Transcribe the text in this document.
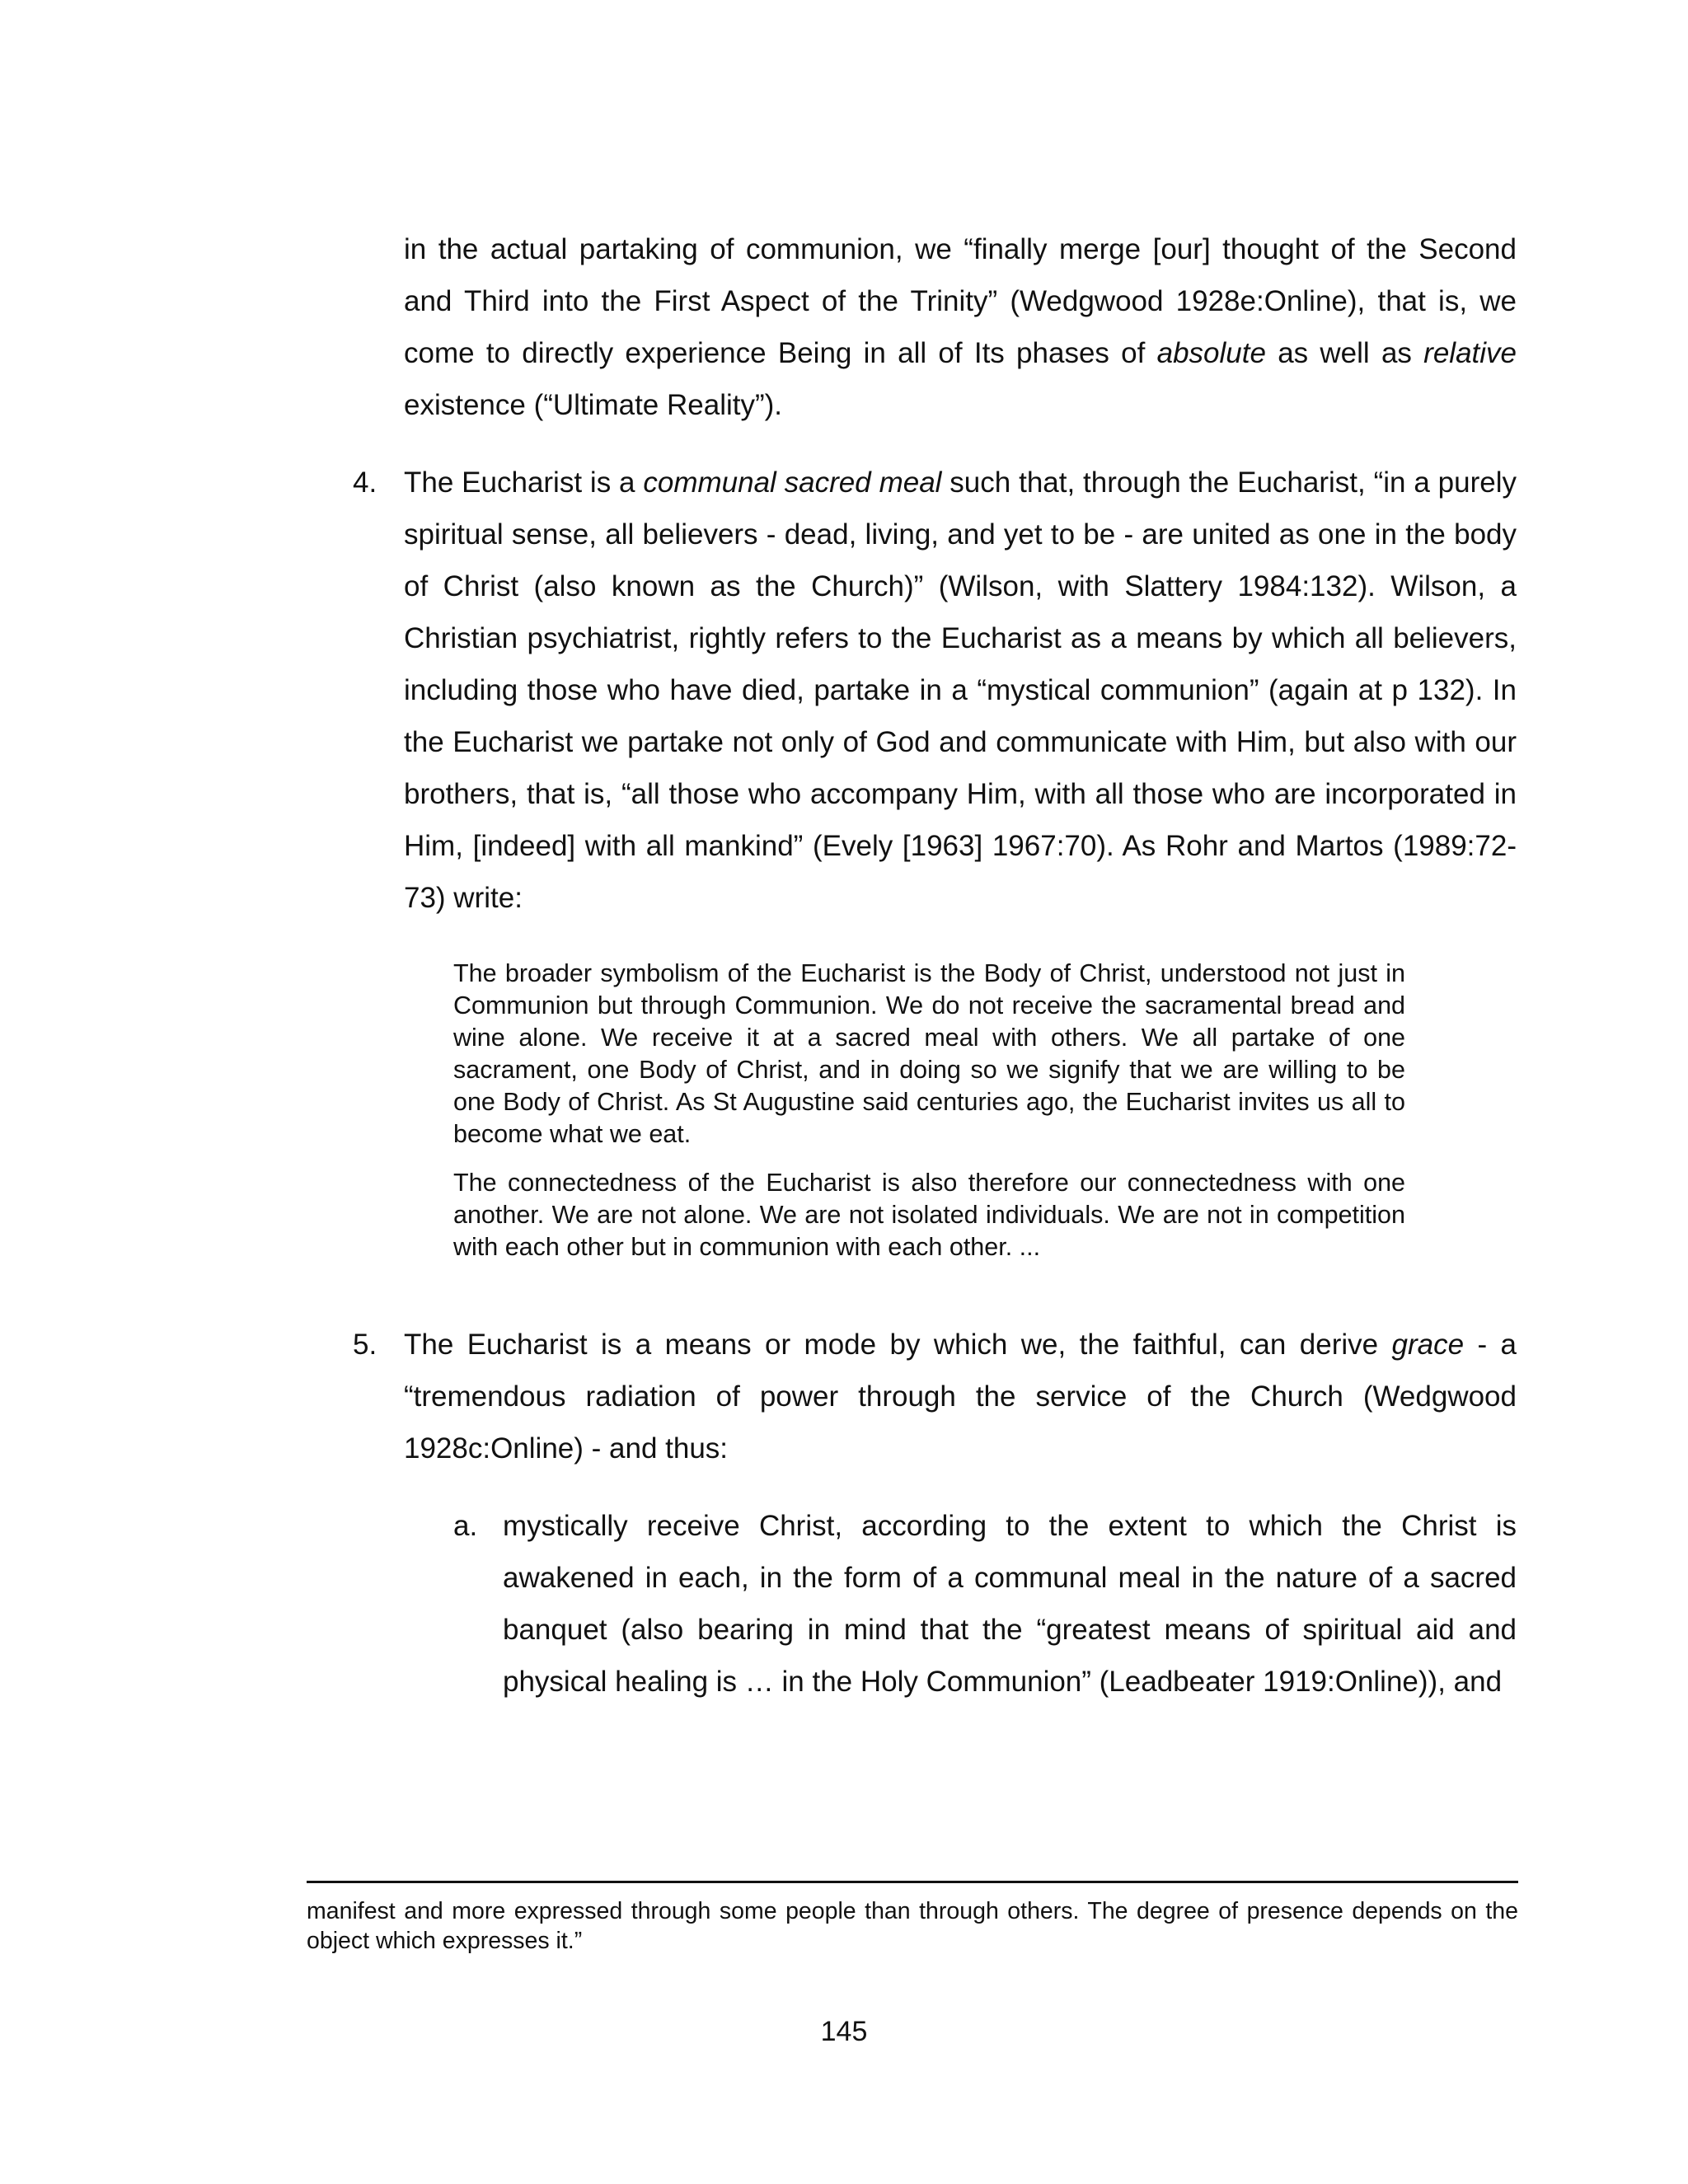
in the actual partaking of communion, we “finally merge [our] thought of the Second and Third into the First Aspect of the Trinity” (Wedgwood 1928e:Online), that is, we come to directly experience Being in all of Its phases of absolute as well as relative existence (“Ultimate Reality”).

4. The Eucharist is a communal sacred meal such that, through the Eucharist, “in a purely spiritual sense, all believers - dead, living, and yet to be - are united as one in the body of Christ (also known as the Church)” (Wilson, with Slattery 1984:132). Wilson, a Christian psychiatrist, rightly refers to the Eucharist as a means by which all believers, including those who have died, partake in a “mystical communion” (again at p 132). In the Eucharist we partake not only of God and communicate with Him, but also with our brothers, that is, “all those who accompany Him, with all those who are incorporated in Him, [indeed] with all mankind” (Evely [1963] 1967:70). As Rohr and Martos (1989:72-73) write:

The broader symbolism of the Eucharist is the Body of Christ, understood not just in Communion but through Communion. We do not receive the sacramental bread and wine alone. We receive it at a sacred meal with others. We all partake of one sacrament, one Body of Christ, and in doing so we signify that we are willing to be one Body of Christ. As St Augustine said centuries ago, the Eucharist invites us all to become what we eat.

The connectedness of the Eucharist is also therefore our connectedness with one another. We are not alone. We are not isolated individuals. We are not in competition with each other but in communion with each other. ...

5. The Eucharist is a means or mode by which we, the faithful, can derive grace - a “tremendous radiation of power through the service of the Church (Wedgwood 1928c:Online) - and thus:
a. mystically receive Christ, according to the extent to which the Christ is awakened in each, in the form of a communal meal in the nature of a sacred banquet (also bearing in mind that the “greatest means of spiritual aid and physical healing is … in the Holy Communion” (Leadbeater 1919:Online)), and

manifest and more expressed through some people than through others. The degree of presence depends on the object which expresses it.”

145
